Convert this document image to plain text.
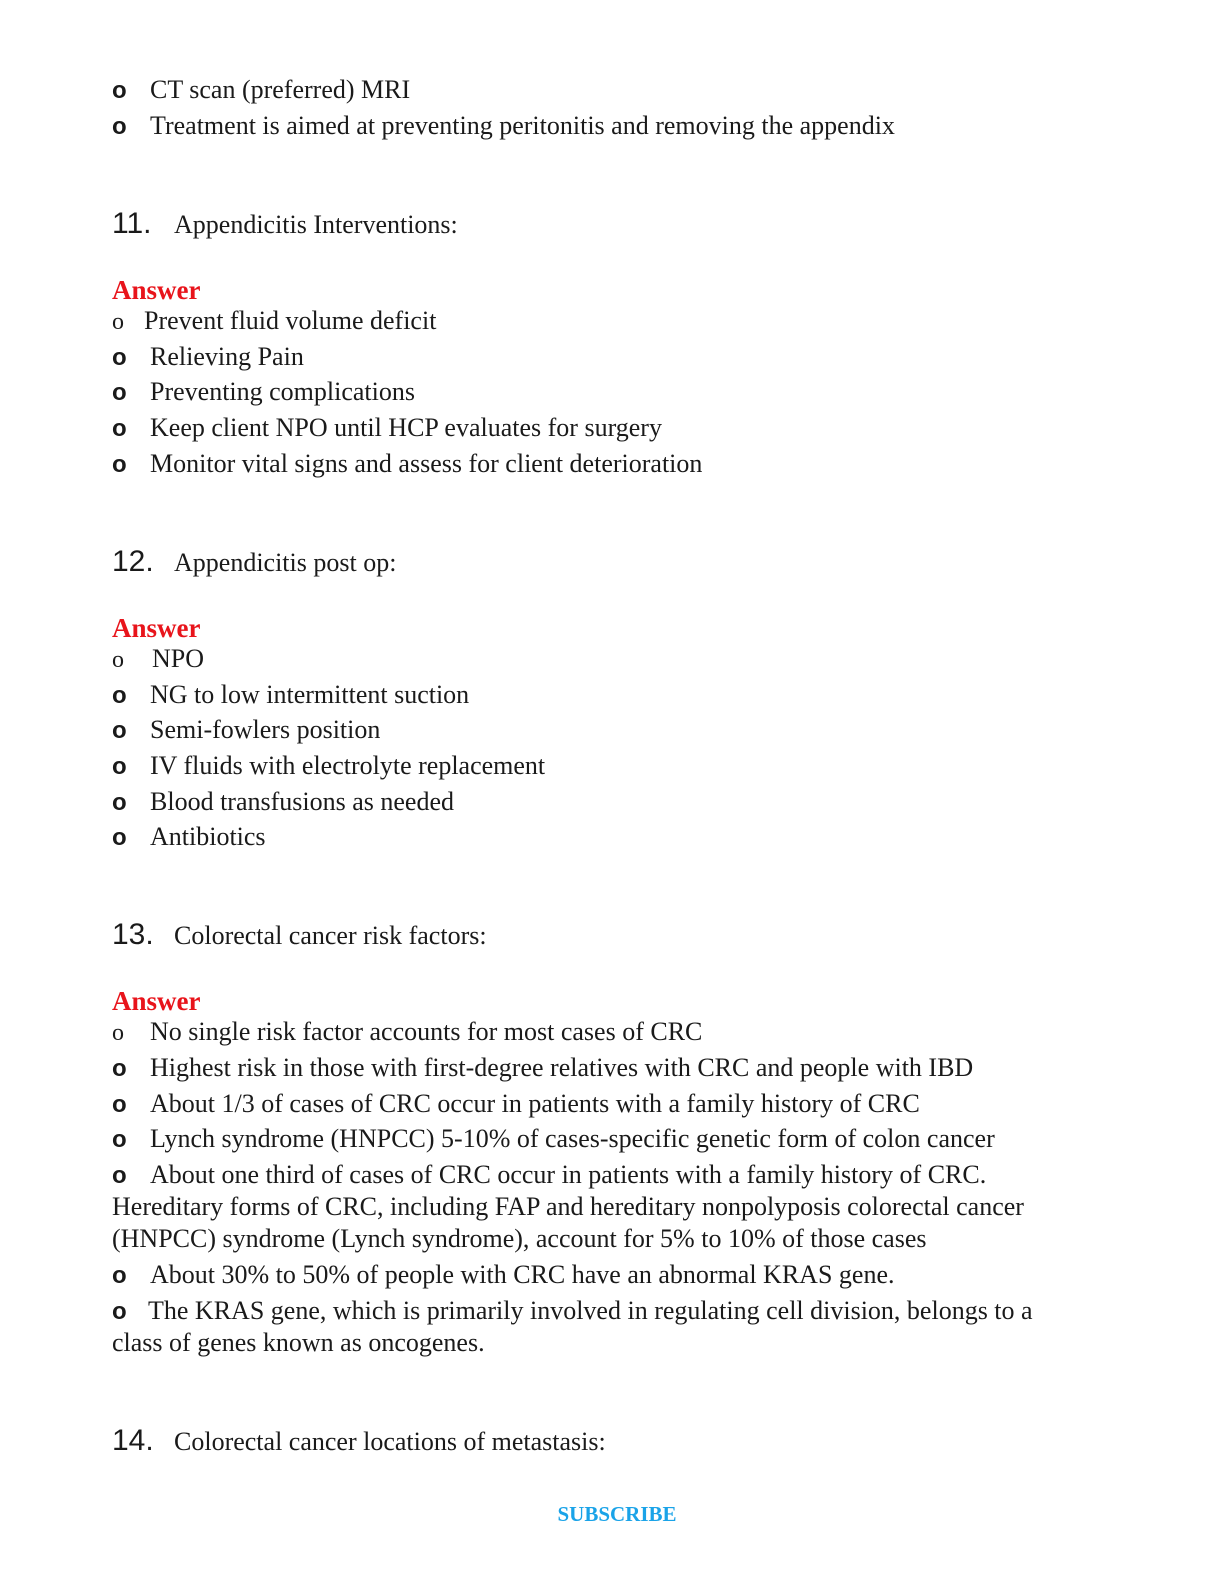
o CT scan (preferred) MRI
o Treatment is aimed at preventing peritonitis and removing the appendix
11. Appendicitis Interventions:
Answer
o Prevent fluid volume deficit
o Relieving Pain
o Preventing complications
o Keep client NPO until HCP evaluates for surgery
o Monitor vital signs and assess for client deterioration
12. Appendicitis post op:
Answer
o	NPO
o NG to low intermittent suction
o Semi-fowlers position
o IV fluids with electrolyte replacement
o Blood transfusions as needed
o Antibiotics
13. Colorectal cancer risk factors:
Answer
o	No single risk factor accounts for most cases of CRC
o Highest risk in those with first-degree relatives with CRC and people with IBD
o About 1/3 of cases of CRC occur in patients with a family history of CRC
o Lynch syndrome (HNPCC) 5-10% of cases-specific genetic form of colon cancer
o About one third of cases of CRC occur in patients with a family history of CRC.
Hereditary forms of CRC, including FAP and hereditary nonpolyposis colorectal cancer
(HNPCC) syndrome (Lynch syndrome), account for 5% to 10% of those cases
o About 30% to 50% of people with CRC have an abnormal KRAS gene.
o The KRAS gene, which is primarily involved in regulating cell division, belongs to a
class of genes known as oncogenes.
14. Colorectal cancer locations of metastasis:
SUBSCRIBE
